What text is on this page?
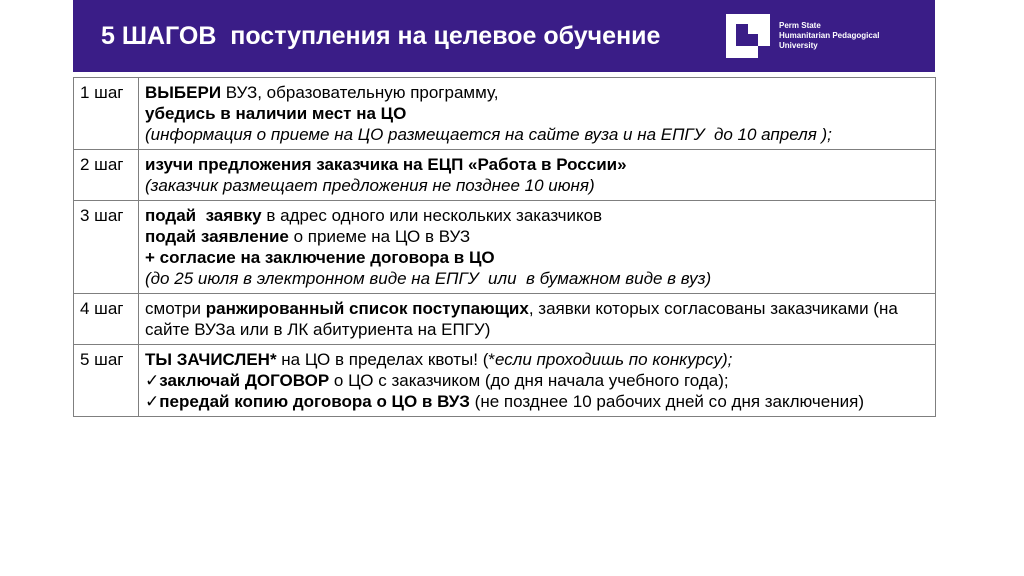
5 ШАГОВ  поступления на целевое обучение	Perm State
Humanitarian Pedagogical
University
1 шаг	ВЫБЕРИ ВУЗ, образовательную программу,
убедись в наличии мест на ЦО
(информация о приеме на ЦО размещается на сайте вуза и на ЕПГУ  до 10 апреля );

2 шаг	изучи предложения заказчика на ЕЦП «Работа в России»
(заказчик размещает предложения не позднее 10 июня)

3 шаг	подай  заявку в адрес одного или нескольких заказчиков
подай заявление о приеме на ЦО в ВУЗ
+ согласие на заключение договора в ЦО
(до 25 июля в электронном виде на ЕПГУ  или  в бумажном виде в вуз)

4 шаг	смотри ранжированный список поступающих, заявки которых согласованы заказчиками (на сайте ВУЗа или в ЛК абитуриента на ЕПГУ)

5 шаг	ТЫ ЗАЧИСЛЕН* на ЦО в пределах квоты! (*если проходишь по конкурсу);
✓заключай ДОГОВОР о ЦО с заказчиком (до дня начала учебного года);
✓передай копию договора о ЦО в ВУЗ (не позднее 10 рабочих дней со дня заключения)
